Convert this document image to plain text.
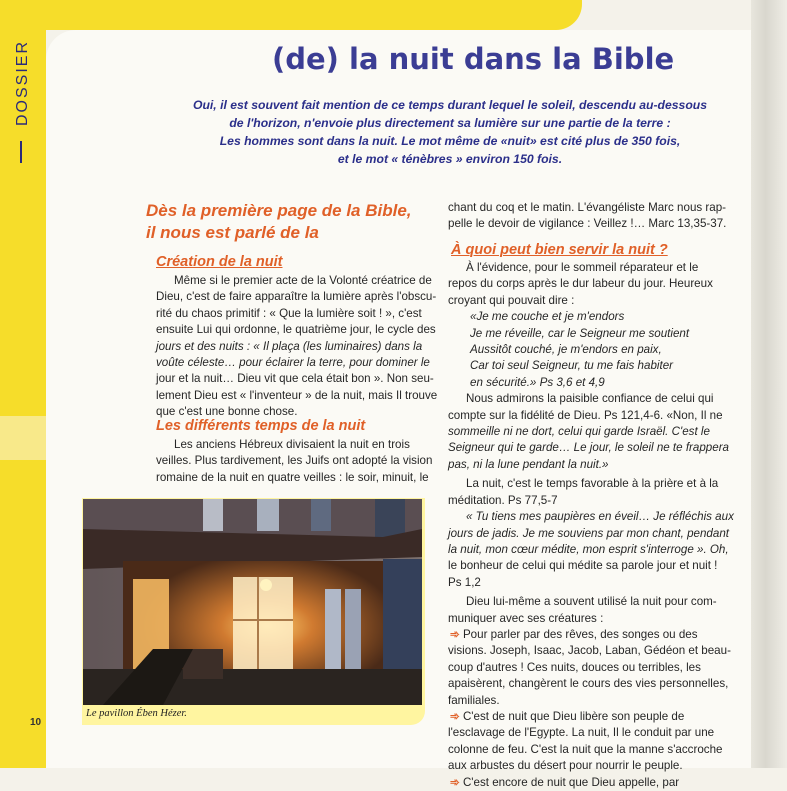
DOSSIER	(de) la nuit dans la Bible
Oui, il est souvent fait mention de ce temps durant lequel le soleil, descendu au-dessous
de l'horizon, n'envoie plus directement sa lumière sur une partie de la terre :
Les hommes sont dans la nuit. Le mot même de «nuit» est cité plus de 350 fois,
et le mot « ténèbres » environ 150 fois.
Dès la première page de la Bible,
il nous est parlé de la
Création de la nuit
Même si le premier acte de la Volonté créatrice de
Dieu, c'est de faire apparaître la lumière après l'obscu-
rité du chaos primitif : « Que la lumière soit ! », c'est
ensuite Lui qui ordonne, le quatrième jour, le cycle des
jours et des nuits : « Il plaça (les luminaires) dans la
voûte céleste… pour éclairer la terre, pour dominer le
jour et la nuit… Dieu vit que cela était bon ». Non seu-
lement Dieu est « l'inventeur » de la nuit, mais Il trouve
que c'est une bonne chose.
Les différents temps de la nuit
Les anciens Hébreux divisaient la nuit en trois
veilles. Plus tardivement, les Juifs ont adopté la vision
romaine de la nuit en quatre veilles : le soir, minuit, le
Le pavillon Ében Hézer.
10
chant du coq et le matin. L'évangéliste Marc nous rap-
pelle le devoir de vigilance : Veillez !… Marc 13,35-37.
À quoi peut bien servir la nuit ?
À l'évidence, pour le sommeil réparateur et le
repos du corps après le dur labeur du jour. Heureux
croyant qui pouvait dire :
«Je me couche et je m'endors
Je me réveille, car le Seigneur me soutient
Aussitôt couché, je m'endors en paix,
Car toi seul Seigneur, tu me fais habiter
en sécurité.» Ps 3,6 et 4,9
Nous admirons la paisible confiance de celui qui
compte sur la fidélité de Dieu. Ps 121,4-6. «Non, Il ne
sommeille ni ne dort, celui qui garde Israël. C'est le
Seigneur qui te garde… Le jour, le soleil ne te frappera
pas, ni la lune pendant la nuit.»
La nuit, c'est le temps favorable à la prière et à la
méditation. Ps 77,5-7
« Tu tiens mes paupières en éveil… Je réfléchis aux
jours de jadis. Je me souviens par mon chant, pendant
la nuit, mon cœur médite, mon esprit s'interroge ». Oh,
le bonheur de celui qui médite sa parole jour et nuit !
Ps 1,2
Dieu lui-même a souvent utilisé la nuit pour com-
muniquer avec ses créatures :
➾ Pour parler par des rêves, des songes ou des
visions. Joseph, Isaac, Jacob, Laban, Gédéon et beau-
coup d'autres ! Ces nuits, douces ou terribles, les
apaisèrent, changèrent le cours des vies personnelles,
familiales.
➾ C'est de nuit que Dieu libère son peuple de
l'esclavage de l'Egypte. La nuit, Il le conduit par une
colonne de feu. C'est la nuit que la manne s'accroche
aux arbustes du désert pour nourrir le peuple.
➾ C'est encore de nuit que Dieu appelle, par
